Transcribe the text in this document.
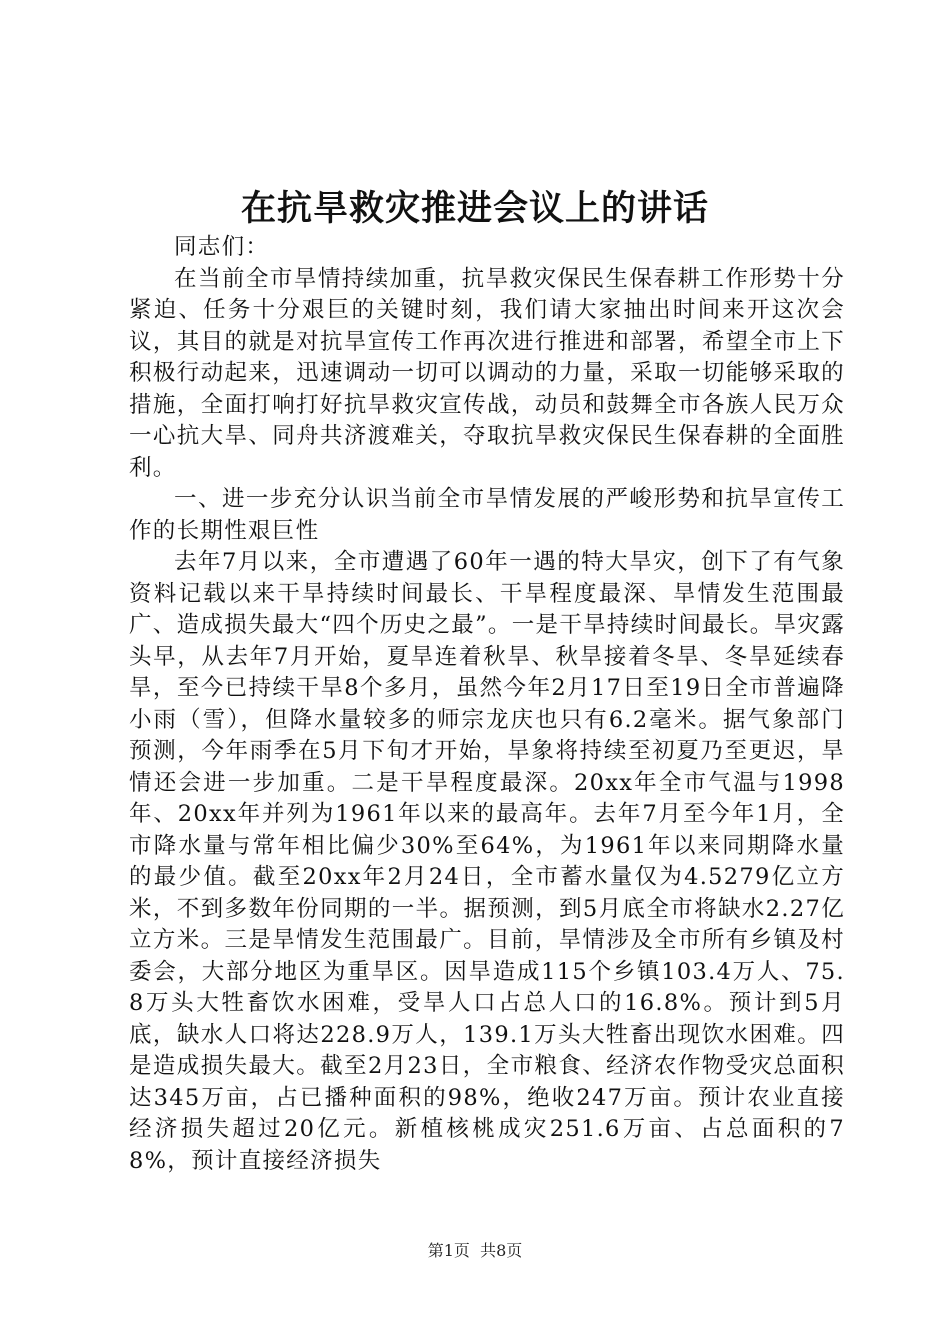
在抗旱救灾推进会议上的讲话

同志们：

在当前全市旱情持续加重，抗旱救灾保民生保春耕工作形势十分紧迫、任务十分艰巨的关键时刻，我们请大家抽出时间来开这次会议，其目的就是对抗旱宣传工作再次进行推进和部署，希望全市上下积极行动起来，迅速调动一切可以调动的力量，采取一切能够采取的措施，全面打响打好抗旱救灾宣传战，动员和鼓舞全市各族人民万众一心抗大旱、同舟共济渡难关，夺取抗旱救灾保民生保春耕的全面胜利。

一、进一步充分认识当前全市旱情发展的严峻形势和抗旱宣传工作的长期性艰巨性

去年7月以来，全市遭遇了60年一遇的特大旱灾，创下了有气象资料记载以来干旱持续时间最长、干旱程度最深、旱情发生范围最广、造成损失最大“四个历史之最”。一是干旱持续时间最长。旱灾露头早，从去年7月开始，夏旱连着秋旱、秋旱接着冬旱、冬旱延续春旱，至今已持续干旱8个多月，虽然今年2月17日至19日全市普遍降小雨（雪），但降水量较多的师宗龙庆也只有6.2毫米。据气象部门预测，今年雨季在5月下旬才开始，旱象将持续至初夏乃至更迟，旱情还会进一步加重。二是干旱程度最深。20xx年全市气温与1998年、20xx年并列为1961年以来的最高年。去年7月至今年1月，全市降水量与常年相比偏少30%至64%，为1961年以来同期降水量的最少值。截至20xx年2月24日，全市蓄水量仅为4.5279亿立方米，不到多数年份同期的一半。据预测，到5月底全市将缺水2.27亿立方米。三是旱情发生范围最广。目前，旱情涉及全市所有乡镇及村委会，大部分地区为重旱区。因旱造成115个乡镇103.4万人、75.8万头大牲畜饮水困难，受旱人口占总人口的16.8%。预计到5月底，缺水人口将达228.9万人，139.1万头大牲畜出现饮水困难。四是造成损失最大。截至2月23日，全市粮食、经济农作物受灾总面积达345万亩，占已播种面积的98%，绝收247万亩。预计农业直接经济损失超过20亿元。新植核桃成灾251.6万亩、占总面积的78%，预计直接经济损失

第1页 共8页
